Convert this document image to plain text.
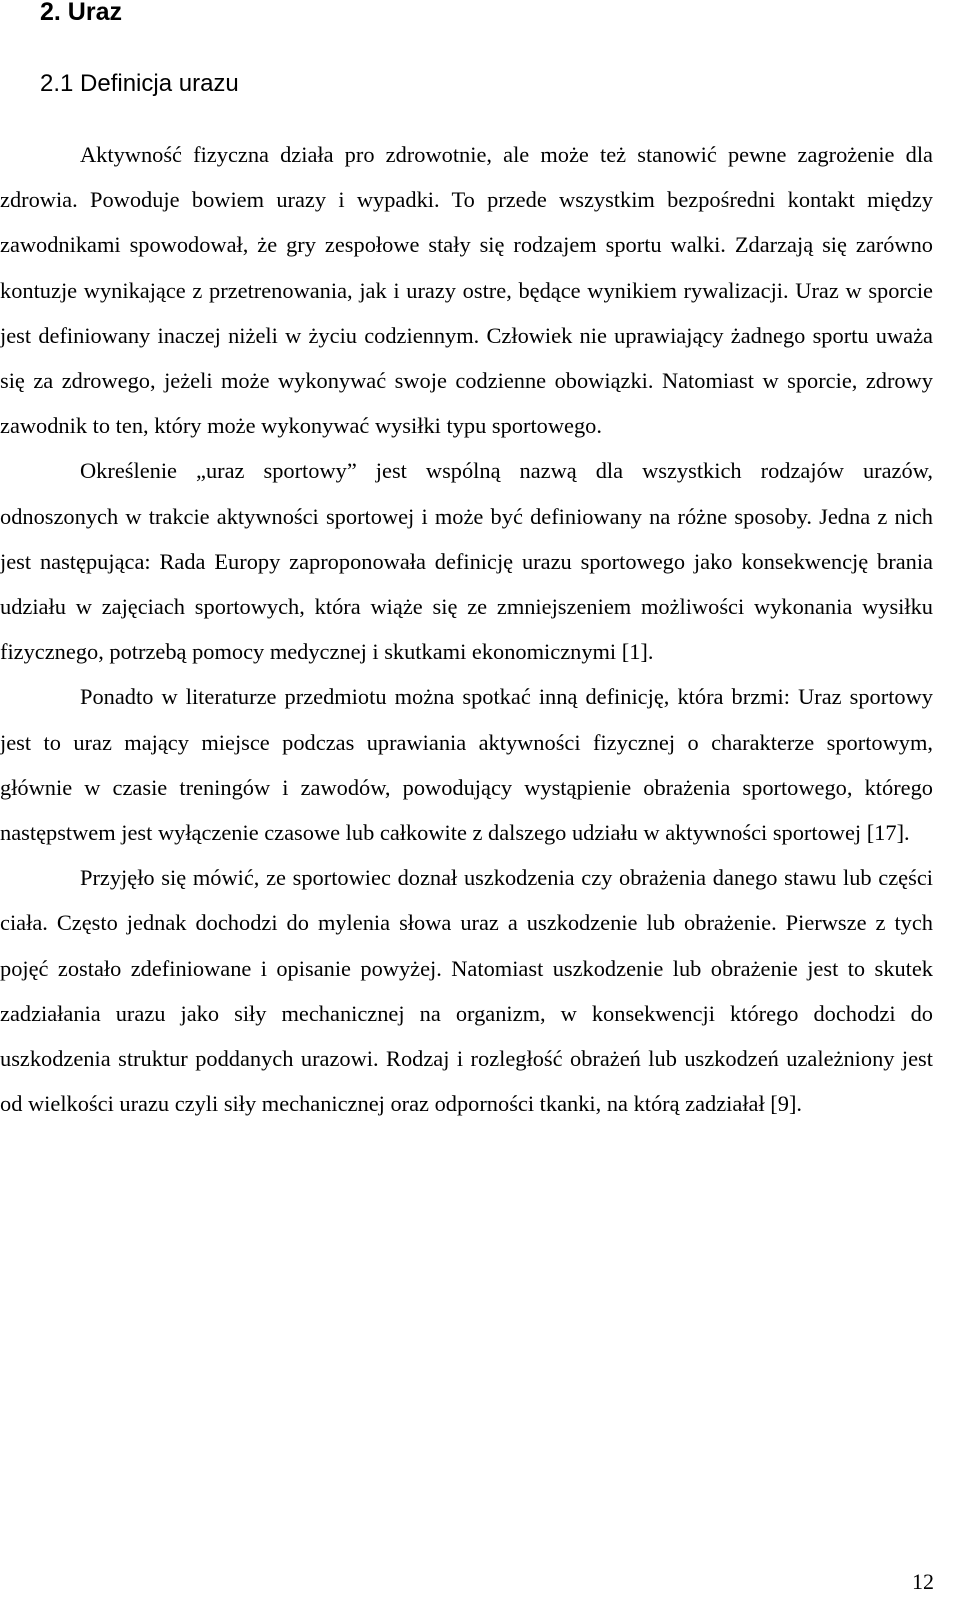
2. Uraz
2.1 Definicja urazu

Aktywność fizyczna działa pro zdrowotnie, ale może też stanowić pewne zagrożenie dla zdrowia. Powoduje bowiem urazy i wypadki. To przede wszystkim bezpośredni kontakt między zawodnikami spowodował, że gry zespołowe stały się rodzajem sportu walki. Zdarzają się zarówno kontuzje wynikające z przetrenowania, jak i urazy ostre, będące wynikiem rywalizacji. Uraz w sporcie jest definiowany inaczej niżeli w życiu codziennym. Człowiek nie uprawiający żadnego sportu uważa się za zdrowego, jeżeli może wykonywać swoje codzienne obowiązki. Natomiast w sporcie, zdrowy zawodnik to ten, który może wykonywać wysiłki typu sportowego.

Określenie „uraz sportowy” jest wspólną nazwą dla wszystkich rodzajów urazów, odnoszonych w trakcie aktywności sportowej i może być definiowany na różne sposoby. Jedna z nich jest następująca: Rada Europy zaproponowała definicję urazu sportowego jako konsekwencję brania udziału w zajęciach sportowych, która wiąże się ze zmniejszeniem możliwości wykonania wysiłku fizycznego, potrzebą pomocy medycznej i skutkami ekonomicznymi [1].

Ponadto w literaturze przedmiotu można spotkać inną definicję, która brzmi: Uraz sportowy jest to uraz mający miejsce podczas uprawiania aktywności fizycznej o charakterze sportowym, głównie w czasie treningów i zawodów, powodujący wystąpienie obrażenia sportowego, którego następstwem jest wyłączenie czasowe lub całkowite z dalszego udziału w aktywności sportowej [17].

Przyjęło się mówić, ze sportowiec doznał uszkodzenia czy obrażenia danego stawu lub części ciała. Często jednak dochodzi do mylenia słowa uraz a uszkodzenie lub obrażenie. Pierwsze z tych pojęć zostało zdefiniowane i opisanie powyżej. Natomiast uszkodzenie lub obrażenie jest to skutek zadziałania urazu jako siły mechanicznej na organizm, w konsekwencji którego dochodzi do uszkodzenia struktur poddanych urazowi. Rodzaj i rozległość obrażeń lub uszkodzeń uzależniony jest od wielkości urazu czyli siły mechanicznej oraz odporności tkanki, na którą zadziałał [9].

12
